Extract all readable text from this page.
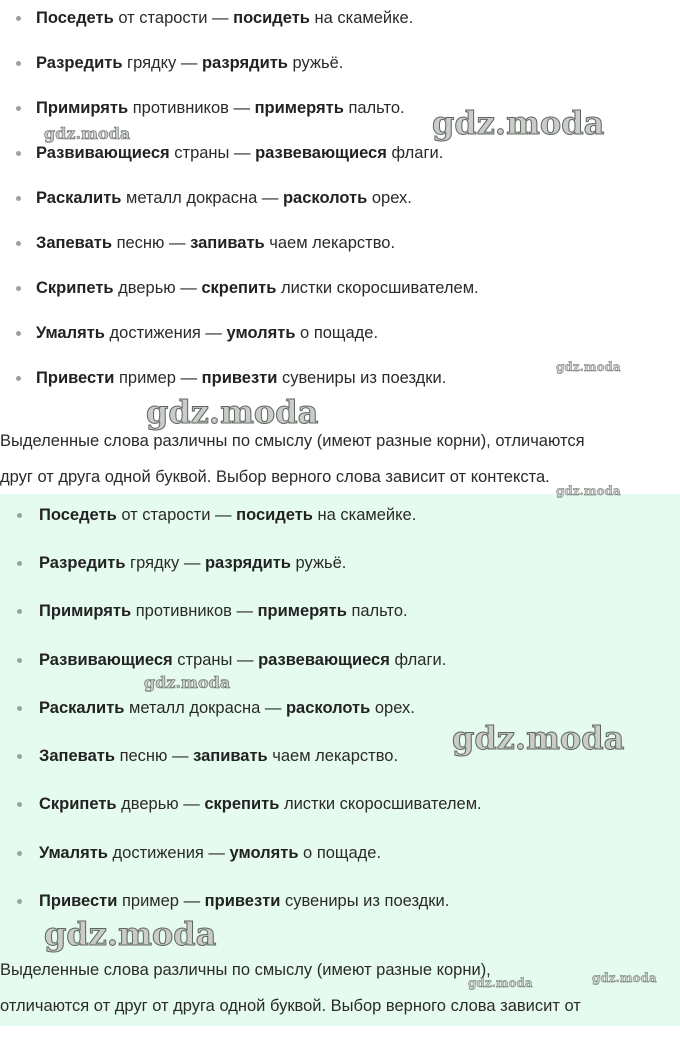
Поседеть от старости — посидеть на скамейке.
Разредить грядку — разрядить ружьё.
Примирять противников — примерять пальто.
Развивающиеся страны — развевающиеся флаги.
Раскалить металл докрасна — расколоть орех.
Запевать песню — запивать чаем лекарство.
Скрипеть дверью — скрепить листки скоросшивателем.
Умалять достижения — умолять о пощаде.
Привести пример — привезти сувениры из поездки.
Выделенные слова различны по смыслу (имеют разные корни), отличаются
друг от друга одной буквой. Выбор верного слова зависит от контекста.
Поседеть от старости — посидеть на скамейке.
Разредить грядку — разрядить ружьё.
Примирять противников — примерять пальто.
Развивающиеся страны — развевающиеся флаги.
Раскалить металл докрасна — расколоть орех.
Запевать песню — запивать чаем лекарство.
Скрипеть дверью — скрепить листки скоросшивателем.
Умалять достижения — умолять о пощаде.
Привести пример — привезти сувениры из поездки.
Выделенные слова различны по смыслу (имеют разные корни),
отличаются от друг от друга одной буквой. Выбор верного слова зависит от
gdz.moda
gdz.moda
gdz.moda
gdz.moda
gdz.moda
gdz.moda
gdz.moda
gdz.moda
gdz.moda
gdz.moda
